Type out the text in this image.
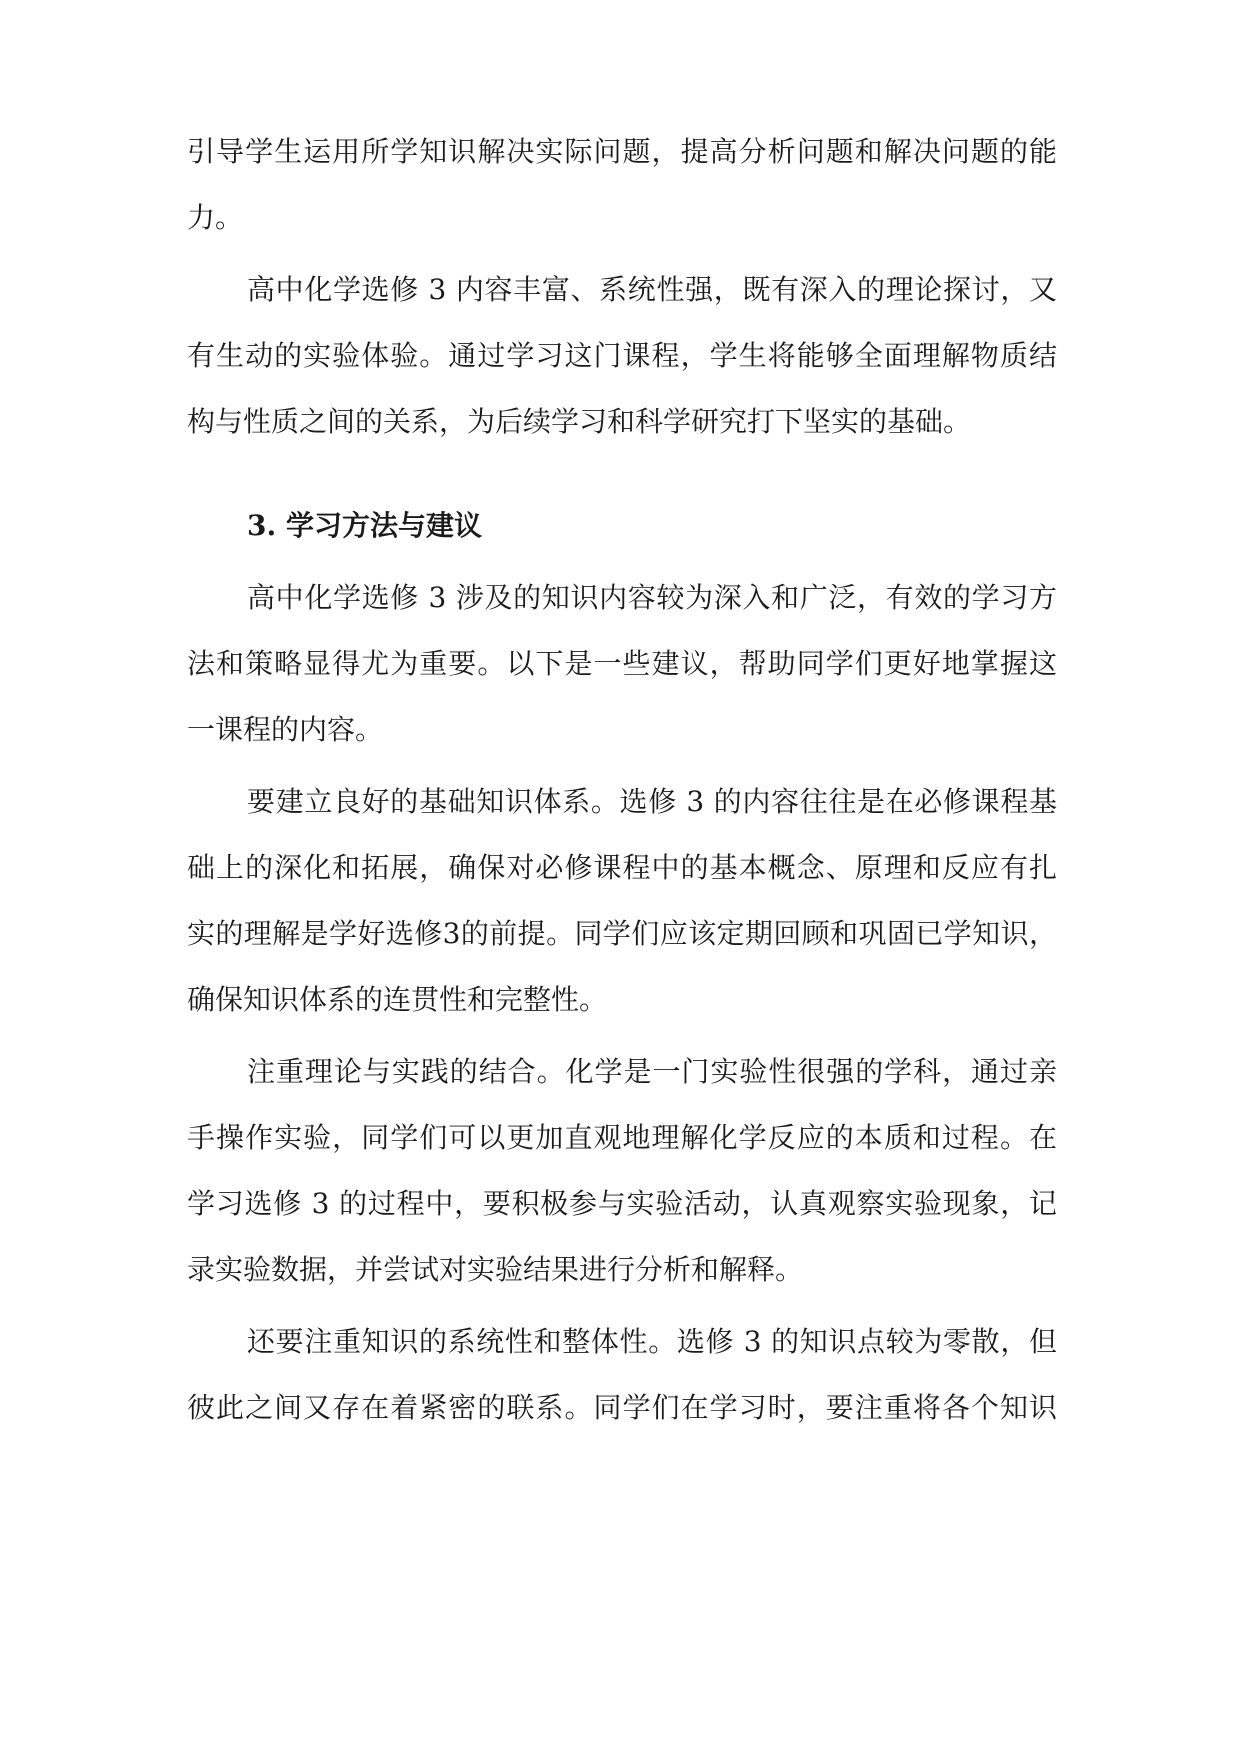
引导学生运用所学知识解决实际问题，提高分析问题和解决问题的能
力。
高中化学选修 3 内容丰富、系统性强，既有深入的理论探讨，又
有生动的实验体验。通过学习这门课程，学生将能够全面理解物质结
构与性质之间的关系，为后续学习和科学研究打下坚实的基础。
3. 学习方法与建议
高中化学选修 3 涉及的知识内容较为深入和广泛，有效的学习方
法和策略显得尤为重要。以下是一些建议，帮助同学们更好地掌握这
一课程的内容。
要建立良好的基础知识体系。选修 3 的内容往往是在必修课程基
础上的深化和拓展，确保对必修课程中的基本概念、原理和反应有扎
实的理解是学好选修3的前提。同学们应该定期回顾和巩固已学知识，
确保知识体系的连贯性和完整性。
注重理论与实践的结合。化学是一门实验性很强的学科，通过亲
手操作实验，同学们可以更加直观地理解化学反应的本质和过程。在
学习选修 3 的过程中，要积极参与实验活动，认真观察实验现象，记
录实验数据，并尝试对实验结果进行分析和解释。
还要注重知识的系统性和整体性。选修 3 的知识点较为零散，但
彼此之间又存在着紧密的联系。同学们在学习时，要注重将各个知识
